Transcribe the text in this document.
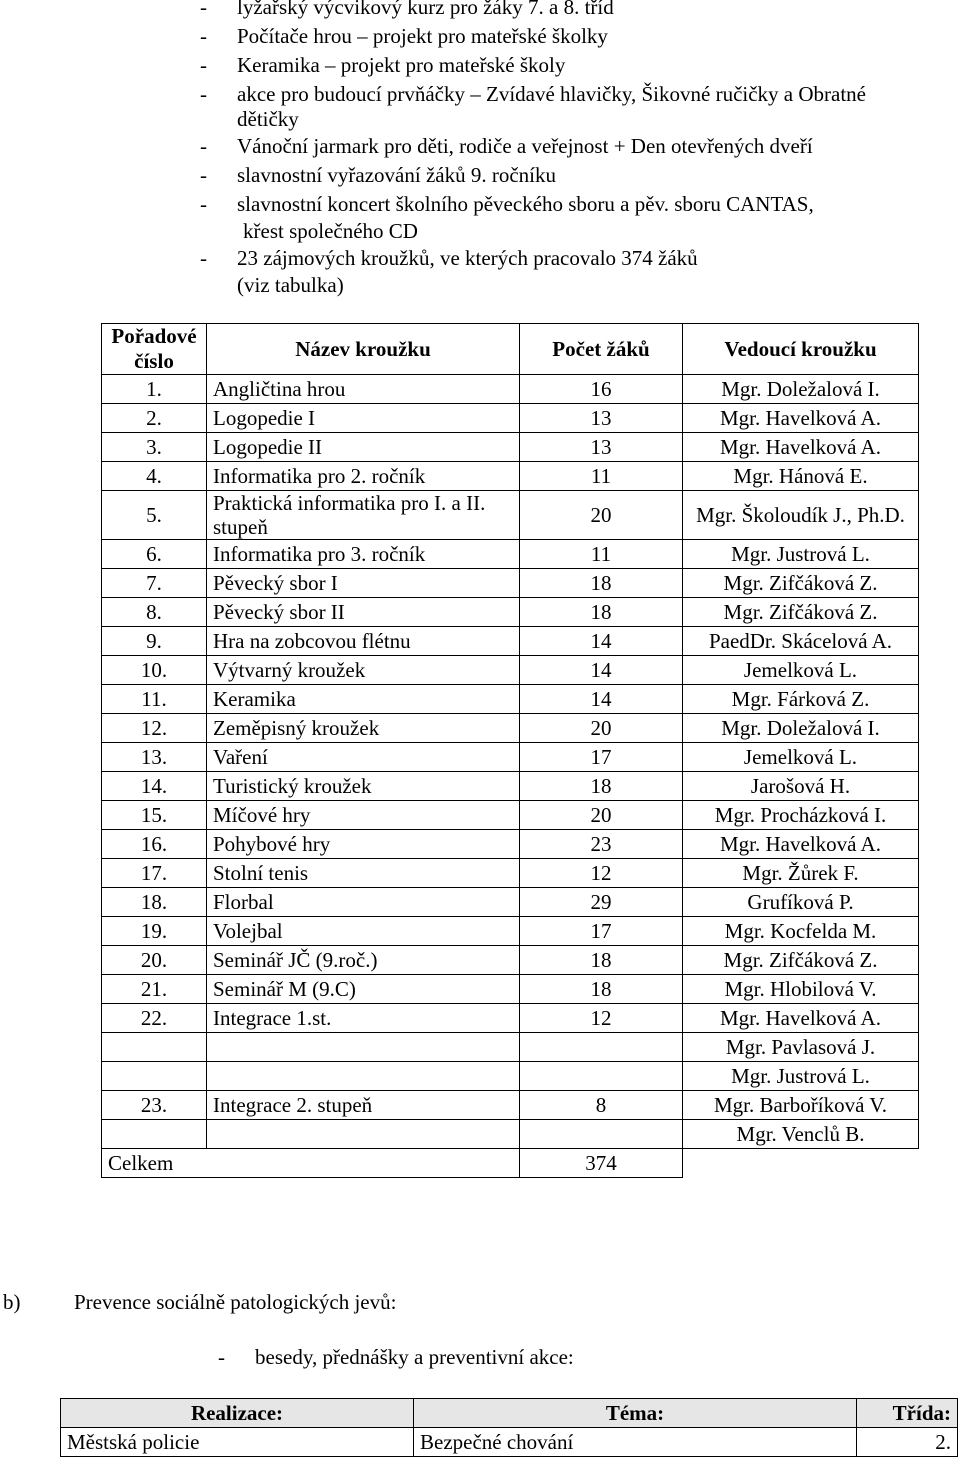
- lyžařský výcvikový kurz pro žáky 7. a 8. tříd
- Počítače hrou – projekt pro mateřské školky
- Keramika – projekt pro mateřské školy
- akce pro budoucí prvňáčky – Zvídavé hlavičky, Šikovné ručičky a Obratné
dětičky
- Vánoční jarmark pro děti, rodiče a veřejnost + Den otevřených dveří
- slavnostní vyřazování žáků 9. ročníku
- slavnostní koncert školního pěveckého sboru a pěv. sboru CANTAS,
křest společného CD
- 23 zájmových kroužků, ve kterých pracovalo 374 žáků
(viz tabulka)
Pořadové číslo	Název kroužku	Počet žáků	Vedoucí kroužku
1.	Angličtina hrou	16	Mgr. Doležalová I.
2.	Logopedie I	13	Mgr. Havelková A.
3.	Logopedie II	13	Mgr. Havelková A.
4.	Informatika pro 2. ročník	11	Mgr. Hánová E.
5.	Praktická informatika pro I. a II. stupeň	20	Mgr. Školoudík J., Ph.D.
6.	Informatika pro 3. ročník	11	Mgr. Justrová L.
7.	Pěvecký sbor I	18	Mgr. Zifčáková Z.
8.	Pěvecký sbor II	18	Mgr. Zifčáková Z.
9.	Hra na zobcovou flétnu	14	PaedDr. Skácelová A.
10.	Výtvarný kroužek	14	Jemelková L.
11.	Keramika	14	Mgr. Fárková Z.
12.	Zeměpisný kroužek	20	Mgr. Doležalová I.
13.	Vaření	17	Jemelková L.
14.	Turistický kroužek	18	Jarošová H.
15.	Míčové hry	20	Mgr. Procházková I.
16.	Pohybové hry	23	Mgr. Havelková A.
17.	Stolní tenis	12	Mgr. Žůrek F.
18.	Florbal	29	Grufíková P.
19.	Volejbal	17	Mgr. Kocfelda M.
20.	Seminář JČ (9.roč.)	18	Mgr. Zifčáková Z.
21.	Seminář M (9.C)	18	Mgr. Hlobilová V.
22.	Integrace 1.st.	12	Mgr. Havelková A.
			Mgr. Pavlasová J.
			Mgr. Justrová L.
23.	Integrace 2. stupeň	8	Mgr. Barboříková V.
			Mgr. Venclů B.
Celkem		374	
b)	Prevence sociálně patologických jevů:
- besedy, přednášky a preventivní akce:
Realizace:	Téma:	Třída:
Městská policie	Bezpečné chování	2.
